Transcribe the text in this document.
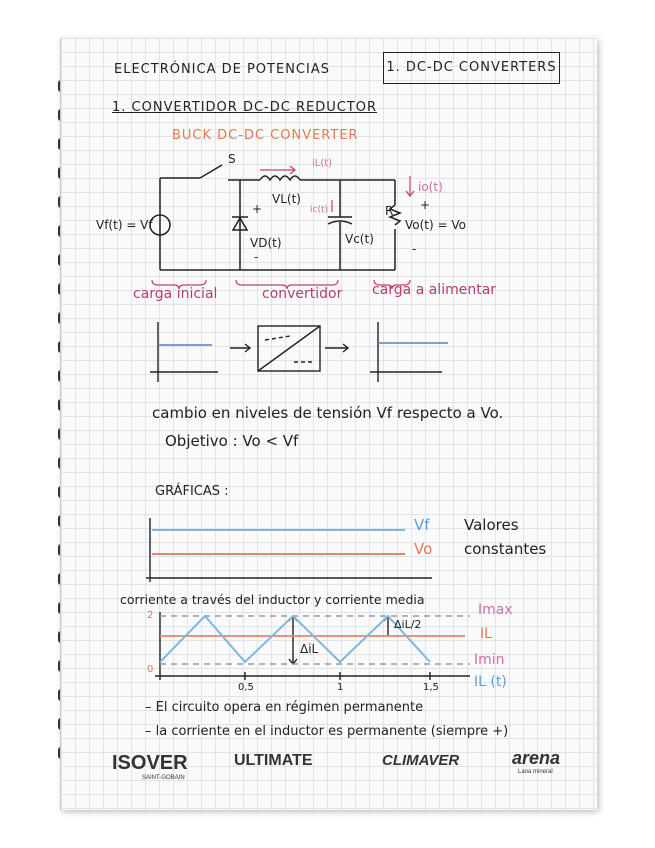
ELECTRÓNICA DE POTENCIAS	1. DC-DC CONVERTERS
1. CONVERTIDOR DC-DC REDUCTOR
BUCK DC-DC CONVERTER
Vf(t) = Vf
S	iL(t)
VL(t)
ic(t)
VD(t)
+
-
Vc(t)
R
io(t)
+
Vo(t) = Vo
-
carga inicial	convertidor carga a alimentar
cambio en niveles de tensión Vf respecto a Vo.
Objetivo : Vo < Vf
GRÁFICAS :
Vf
Vo
Valores
constantes
corriente a través del inductor y corriente media
Imax
IL
Imin
IL (t)
ΔiL
ΔiL/2
2
0
0,5	1	1,5
– El circuito opera en régimen permanente
– la corriente en el inductor es permanente (siempre +)
ISOVER
SAINT-GOBAIN
ULTIMATE	CLIMAVER	arena
Lana mineral
